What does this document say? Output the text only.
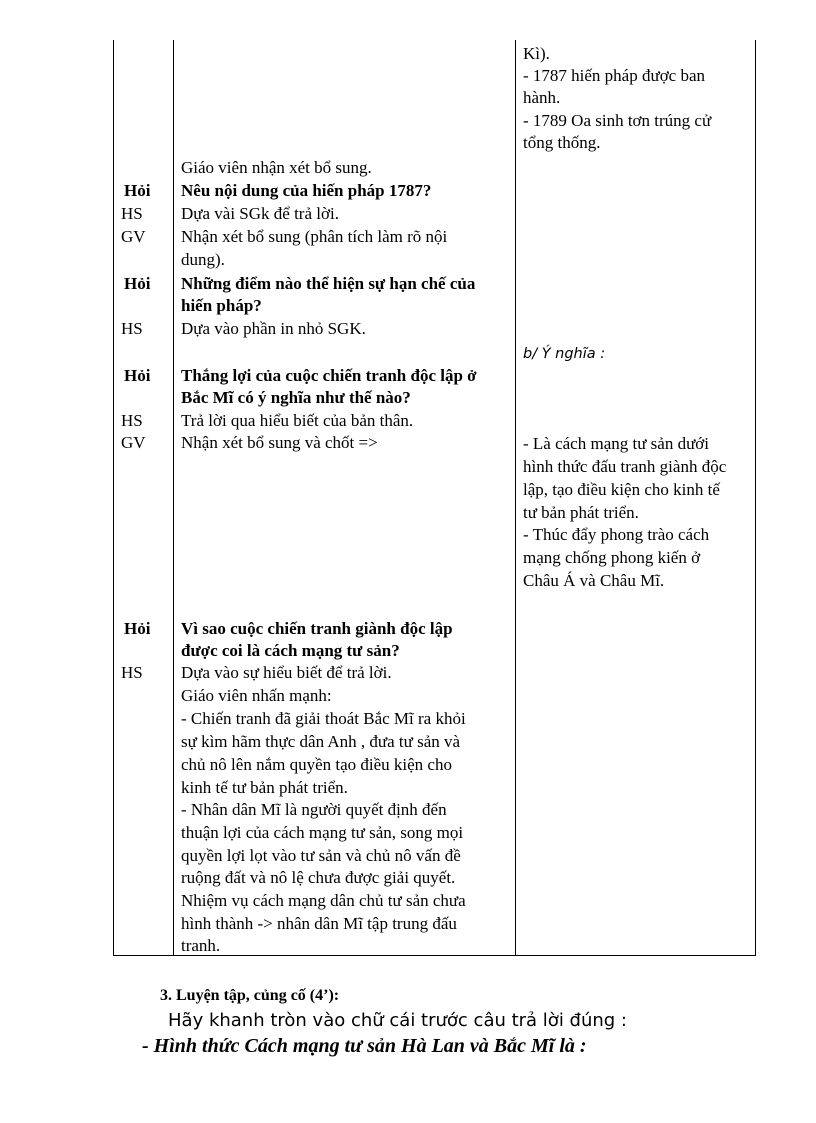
Kì).
- 1787 hiến pháp được ban
hành.
- 1789 Oa sinh tơn trúng cử
tổng thống.
Giáo viên nhận xét bổ sung.
Hỏi Nêu nội dung của hiến pháp 1787?
HS Dựa vài SGk để trả lời.
GV Nhận xét bổ sung (phân tích làm rõ nội
dung).
Hỏi Những điểm nào thể hiện sự hạn chế của
hiến pháp?
HS Dựa vào phần in nhỏ SGK.
b/ Ý nghĩa :
Hỏi Thắng lợi của cuộc chiến tranh độc lập ở
Bắc Mĩ có ý nghĩa như thế nào?
HS Trả lời qua hiểu biết của bản thân.
GV Nhận xét bổ sung và chốt =>	- Là cách mạng tư sản dưới
hình thức đấu tranh giành độc
lập, tạo điều kiện cho kinh tế
tư bản phát triển.
- Thúc đẩy phong trào cách
mạng chống phong kiến ở
Châu Á và Châu Mĩ.
Hỏi Vì sao cuộc chiến tranh giành độc lập
được coi là cách mạng tư sản?
HS Dựa vào sự hiểu biết để trả lời.
Giáo viên nhấn mạnh:
- Chiến tranh đã giải thoát Bắc Mĩ ra khỏi
sự kìm hãm thực dân Anh , đưa tư sản và
chủ nô lên nắm quyền tạo điều kiện cho
kinh tế tư bản phát triển.
- Nhân dân Mĩ là người quyết định đến
thuận lợi của cách mạng tư sản, song mọi
quyền lợi lọt vào tư sản và chủ nô vấn đề
ruộng đất và nô lệ chưa được giải quyết.
Nhiệm vụ cách mạng dân chủ tư sản chưa
hình thành -> nhân dân Mĩ tập trung đấu
tranh.
3. Luyện tập, củng cố (4’):
Hãy khanh tròn vào chữ cái trước câu trả lời đúng :
- Hình thức Cách mạng tư sản Hà Lan và Bắc Mĩ là :
